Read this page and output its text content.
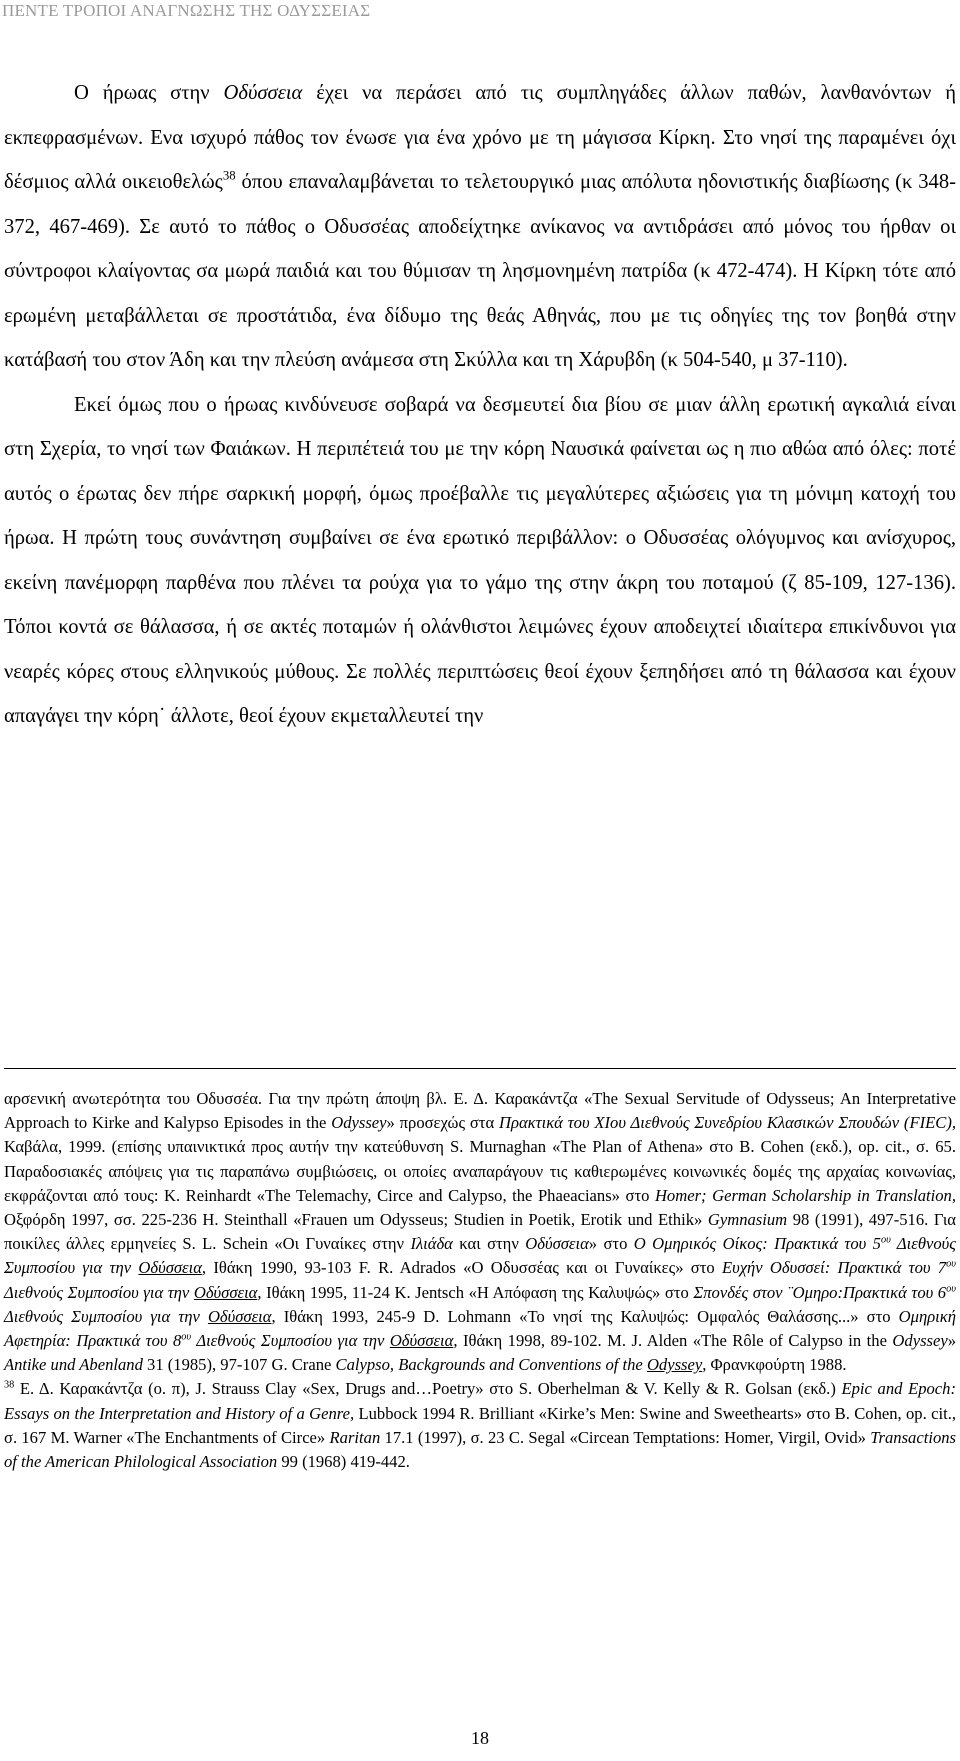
ΠΕΝΤΕ ΤΡΟΠΟΙ ΑΝΑΓΝΩΣΗΣ ΤΗΣ ΟΔΥΣΣΕΙΑΣ

Ο ήρωας στην Οδύσσεια έχει να περάσει από τις συμπληγάδες άλλων παθών, λανθανόντων ή εκπεφρασμένων. Ενα ισχυρό πάθος τον ένωσε για ένα χρόνο με τη μάγισσα Κίρκη. Στο νησί της παραμένει όχι δέσμιος αλλά οικειοθελώς$^{38}$ όπου επαναλαμβάνεται το τελετουργικό μιας απόλυτα ηδονιστικής διαβίωσης (κ 348-372, 467-469). Σε αυτό το πάθος ο Οδυσσέας αποδείχτηκε ανίκανος να αντιδράσει από μόνος του ήρθαν οι σύντροφοι κλαίγοντας σα μωρά παιδιά και του θύμισαν τη λησμονημένη πατρίδα (κ 472-474). Η Κίρκη τότε από ερωμένη μεταβάλλεται σε προστάτιδα, ένα δίδυμο της θεάς Αθηνάς, που με τις οδηγίες της τον βοηθά στην κατάβασή του στον Άδη και την πλεύση ανάμεσα στη Σκύλλα και τη Χάρυβδη (κ 504-540, μ 37-110).

Εκεί όμως που ο ήρωας κινδύνευσε σοβαρά να δεσμευτεί δια βίου σε μιαν άλλη ερωτική αγκαλιά είναι στη Σχερία, το νησί των Φαιάκων. Η περιπέτειά του με την κόρη Ναυσικά φαίνεται ως η πιο αθώα από όλες: ποτέ αυτός ο έρωτας δεν πήρε σαρκική μορφή, όμως προέβαλλε τις μεγαλύτερες αξιώσεις για τη μόνιμη κατοχή του ήρωα. Η πρώτη τους συνάντηση συμβαίνει σε ένα ερωτικό περιβάλλον: ο Οδυσσέας ολόγυμνος και ανίσχυρος, εκείνη πανέμορφη παρθένα που πλένει τα ρούχα για το γάμο της στην άκρη του ποταμού (ζ 85-109, 127-136). Τόποι κοντά σε θάλασσα, ή σε ακτές ποταμών ή ολάνθιστοι λειμώνες έχουν αποδειχτεί ιδιαίτερα επικίνδυνοι για νεαρές κόρες στους ελληνικούς μύθους. Σε πολλές περιπτώσεις θεοί έχουν ξεπηδήσει από τη θάλασσα και έχουν απαγάγει την κόρη˙ άλλοτε, θεοί έχουν εκμεταλλευτεί την

αρσενική ανωτερότητα του Οδυσσέα. Για την πρώτη άποψη βλ. Ε. Δ. Καρακάντζα «The Sexual Servitude of Odysseus; An Interpretative Approach to Kirke and Kalypso Episodes in the Odyssey» προσεχώς στα Πρακτικά του ΧΙου Διεθνούς Συνεδρίου Κλασικών Σπουδών (FIEC), Καβάλα, 1999. (επίσης υπαινικτικά προς αυτήν την κατεύθυνση S. Murnaghan «The Plan of Athena» στο B. Cohen (εκδ.), op. cit., σ. 65. Παραδοσιακές απόψεις για τις παραπάνω συμβιώσεις, οι οποίες αναπαράγουν τις καθιερωμένες κοινωνικές δομές της αρχαίας κοινωνίας, εκφράζονται από τους: K. Reinhardt «The Telemachy, Circe and Calypso, the Phaeacians» στο Homer; German Scholarship in Translation, Οξφόρδη 1997, σσ. 225-236 H. Steinthall «Frauen um Odysseus; Studien in Poetik, Erotik und Ethik» Gymnasium 98 (1991), 497-516. Για ποικίλες άλλες ερμηνείες S. L. Schein «Οι Γυναίκες στην Ιλιάδα και στην Οδύσσεια» στο Ο Ομηρικός Οίκος: Πρακτικά του $5^{o\upsilon}$ Διεθνούς Συμποσίου για την Οδύσσεια, Ιθάκη 1990, 93-103 F. R. Adrados «Ο Οδυσσέας και οι Γυναίκες» στο Ευχήν Οδυσσεί: Πρακτικά του $7^{o\upsilon}$ Διεθνούς Συμποσίου για την Οδύσσεια, Ιθάκη 1995, 11-24 K. Jentsch «Η Απόφαση της Καλυψώς» στο Σπονδές στον ¨Ομηρο:Πρακτικά του $6^{o\upsilon}$ Διεθνούς Συμποσίου για την Οδύσσεια, Ιθάκη 1993, 245-9 D. Lohmann «Το νησί της Καλυψώς: Ομφαλός Θαλάσσης...» στο Ομηρική Αφετηρία: Πρακτικά του $8^{o\upsilon}$ Διεθνούς Συμποσίου για την Οδύσσεια, Ιθάκη 1998, 89-102. M. J. Alden «The Rôle of Calypso in the Odyssey» Antike und Abenland 31 (1985), 97-107 G. Crane Calypso, Backgrounds and Conventions of the Odyssey, Φρανκφούρτη 1988.

$^{38}$ Ε. Δ. Καρακάντζα (ο. π), J. Strauss Clay «Sex, Drugs and…Poetry» στο S. Oberhelman & V. Kelly & R. Golsan (εκδ.) Epic and Epoch: Essays on the Interpretation and History of a Genre, Lubbock 1994 R. Brilliant «Kirke’s Men: Swine and Sweethearts» στο B. Cohen, op. cit., σ. 167 M. Warner «The Enchantments of Circe» Raritan 17.1 (1997), σ. 23 C. Segal «Circean Temptations: Homer, Virgil, Ovid» Transactions of the American Philological Association 99 (1968) 419-442.

18
